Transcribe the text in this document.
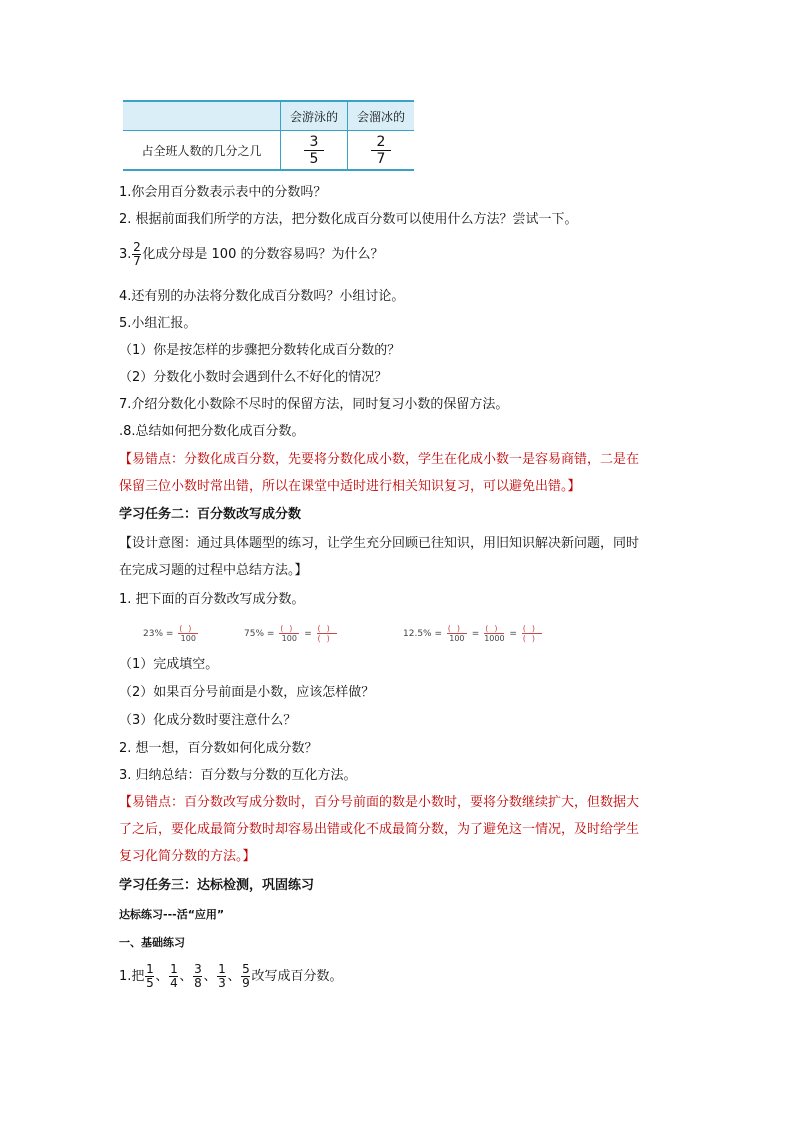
	会游泳的	会溜冰的
占全班人数的几分之几	$\frac{3}{5}$	$\frac{2}{7}$
1.你会用百分数表示表中的分数吗？
2. 根据前面我们所学的方法，把分数化成百分数可以使用什么方法？尝试一下。
3. $\frac{2}{7}$ 化成分母是 100 的分数容易吗？为什么？
4.还有别的办法将分数化成百分数吗？小组讨论。
5.小组汇报。
（1）你是按怎样的步骤把分数转化成百分数的？
（2）分数化小数时会遇到什么不好化的情况？
7.介绍分数化小数除不尽时的保留方法，同时复习小数的保留方法。
.8.总结如何把分数化成百分数。
【易错点：分数化成百分数，先要将分数化成小数，学生在化成小数一是容易商错，二是在
保留三位小数时常出错，所以在课堂中适时进行相关知识复习，可以避免出错。】
学习任务二：百分数改写成分数
【设计意图：通过具体题型的练习，让学生充分回顾已往知识，用旧知识解决新问题，同时
在完成习题的过程中总结方法。】
1. 把下面的百分数改写成分数。
23% =
()
100	75% =
()
100 =
()
()	12.5% =
()
100 =
()
1000 =
()
()
（1）完成填空。
（2）如果百分号前面是小数，应该怎样做？
（3）化成分数时要注意什么？
2. 想一想，百分数如何化成分数？
3. 归纳总结：百分数与分数的互化方法。
【易错点：百分数改写成分数时，百分号前面的数是小数时，要将分数继续扩大，但数据大
了之后，要化成最简分数时却容易出错或化不成最简分数，为了避免这一情况，及时给学生
复习化简分数的方法。】
学习任务三：达标检测，巩固练习
达标练习---活“应用”
一、基础练习
1.把 $\frac{1}{5}$ 、 $\frac{1}{4}$ 、 $\frac{3}{8}$ 、 $\frac{1}{3}$ 、 $\frac{5}{9}$ 改写成百分数。
